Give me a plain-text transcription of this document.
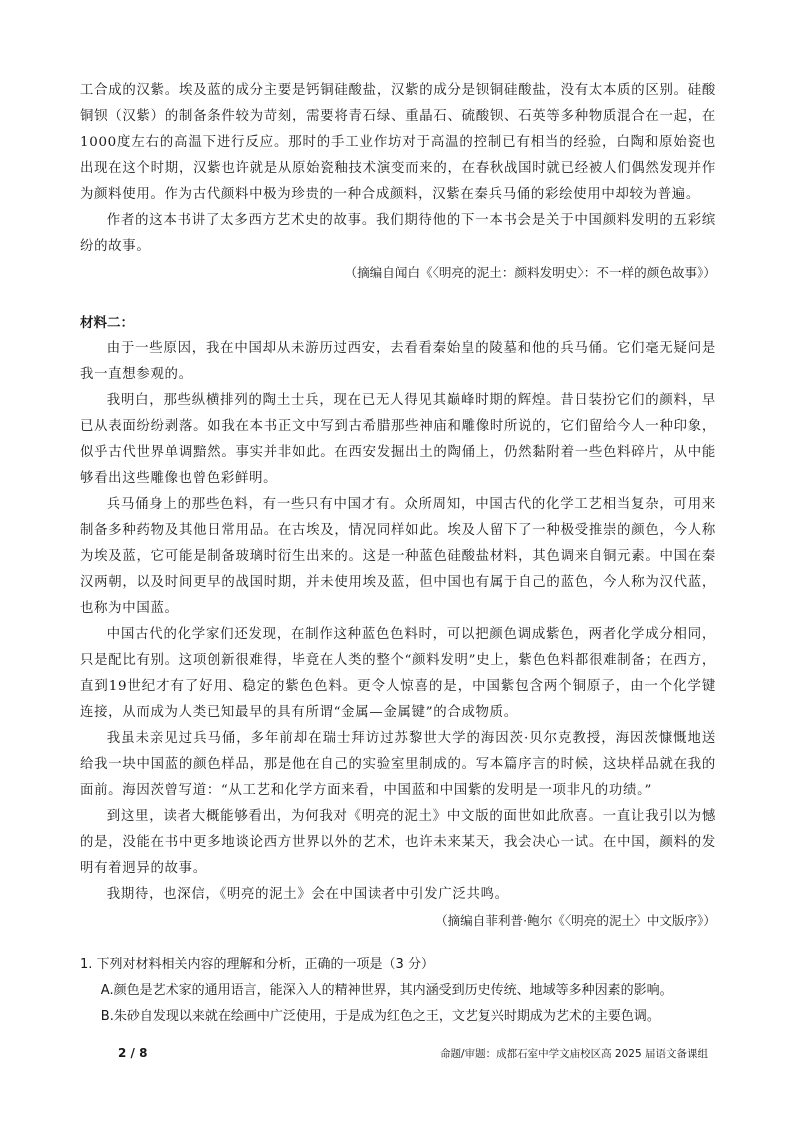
工合成的汉紫。埃及蓝的成分主要是钙铜硅酸盐，汉紫的成分是钡铜硅酸盐，没有太本质的区别。硅酸铜钡（汉紫）的制备条件较为苛刻，需要将青石绿、重晶石、硫酸钡、石英等多种物质混合在一起，在1000度左右的高温下进行反应。那时的手工业作坊对于高温的控制已有相当的经验，白陶和原始瓷也出现在这个时期，汉紫也许就是从原始瓷釉技术演变而来的，在春秋战国时就已经被人们偶然发现并作为颜料使用。作为古代颜料中极为珍贵的一种合成颜料，汉紫在秦兵马俑的彩绘使用中却较为普遍。

作者的这本书讲了太多西方艺术史的故事。我们期待他的下一本书会是关于中国颜料发明的五彩缤纷的故事。

（摘编自闻白《〈明亮的泥土：颜料发明史〉：不一样的颜色故事》）

材料二：

由于一些原因，我在中国却从未游历过西安，去看看秦始皇的陵墓和他的兵马俑。它们毫无疑问是我一直想参观的。

我明白，那些纵横排列的陶土士兵，现在已无人得见其巅峰时期的辉煌。昔日装扮它们的颜料，早已从表面纷纷剥落。如我在本书正文中写到古希腊那些神庙和雕像时所说的，它们留给今人一种印象，似乎古代世界单调黯然。事实并非如此。在西安发掘出土的陶俑上，仍然黏附着一些色料碎片，从中能够看出这些雕像也曾色彩鲜明。

兵马俑身上的那些色料，有一些只有中国才有。众所周知，中国古代的化学工艺相当复杂，可用来制备多种药物及其他日常用品。在古埃及，情况同样如此。埃及人留下了一种极受推崇的颜色，今人称为埃及蓝，它可能是制备玻璃时衍生出来的。这是一种蓝色硅酸盐材料，其色调来自铜元素。中国在秦汉两朝，以及时间更早的战国时期，并未使用埃及蓝，但中国也有属于自己的蓝色，今人称为汉代蓝，也称为中国蓝。

中国古代的化学家们还发现，在制作这种蓝色色料时，可以把颜色调成紫色，两者化学成分相同，只是配比有别。这项创新很难得，毕竟在人类的整个“颜料发明”史上，紫色色料都很难制备；在西方，直到19世纪才有了好用、稳定的紫色色料。更令人惊喜的是，中国紫包含两个铜原子，由一个化学键连接，从而成为人类已知最早的具有所谓“金属—金属键”的合成物质。

我虽未亲见过兵马俑，多年前却在瑞士拜访过苏黎世大学的海因茨·贝尔克教授，海因茨慷慨地送给我一块中国蓝的颜色样品，那是他在自己的实验室里制成的。写本篇序言的时候，这块样品就在我的面前。海因茨曾写道：“从工艺和化学方面来看，中国蓝和中国紫的发明是一项非凡的功绩。”

到这里，读者大概能够看出，为何我对《明亮的泥土》中文版的面世如此欣喜。一直让我引以为憾的是，没能在书中更多地谈论西方世界以外的艺术，也许未来某天，我会决心一试。在中国，颜料的发明有着迥异的故事。

我期待，也深信，《明亮的泥土》会在中国读者中引发广泛共鸣。

（摘编自菲利普·鲍尔《〈明亮的泥土〉中文版序》）

1. 下列对材料相关内容的理解和分析，正确的一项是（3 分）

A.颜色是艺术家的通用语言，能深入人的精神世界，其内涵受到历史传统、地域等多种因素的影响。

B.朱砂自发现以来就在绘画中广泛使用，于是成为红色之王，文艺复兴时期成为艺术的主要色调。

2 / 8	命题/审题：成都石室中学文庙校区高 2025 届语文备课组
